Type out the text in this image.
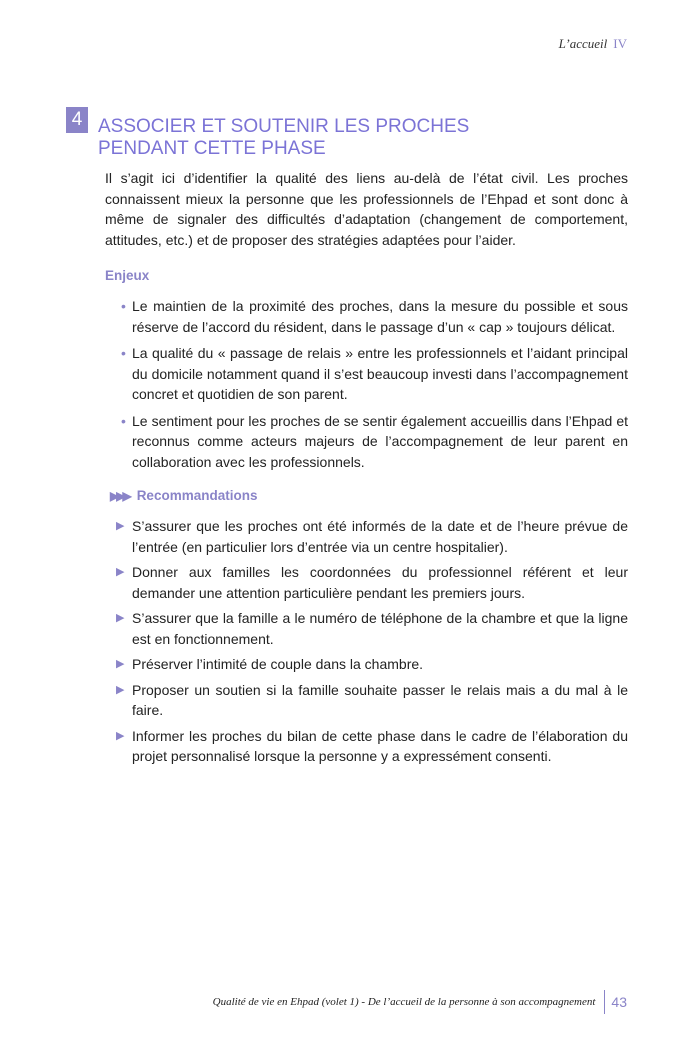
L’accueil IV
4 ASSOCIER ET SOUTENIR LES PROCHES
PENDANT CETTE PHASE

Il s’agit ici d’identifier la qualité des liens au-delà de l’état civil. Les proches connaissent mieux la personne que les professionnels de l’Ehpad et sont donc à même de signaler des difficultés d’adaptation (changement de comportement, attitudes, etc.) et de proposer des stratégies adaptées pour l’aider.

Enjeux
• Le maintien de la proximité des proches, dans la mesure du possible et sous réserve de l’accord du résident, dans le passage d’un « cap » toujours délicat.
• La qualité du « passage de relais » entre les professionnels et l’aidant principal du domicile notamment quand il s’est beaucoup investi dans l’accompagnement concret et quotidien de son parent.
• Le sentiment pour les proches de se sentir également accueillis dans l’Ehpad et reconnus comme acteurs majeurs de l’accompagnement de leur parent en collaboration avec les professionnels.
▶▶▶ Recommandations
▶ S’assurer que les proches ont été informés de la date et de l’heure prévue de l’entrée (en particulier lors d’entrée via un centre hospitalier).
▶ Donner aux familles les coordonnées du professionnel référent et leur demander une attention particulière pendant les premiers jours.
▶ S’assurer que la famille a le numéro de téléphone de la chambre et que la ligne est en fonctionnement.
▶ Préserver l’intimité de couple dans la chambre.
▶ Proposer un soutien si la famille souhaite passer le relais mais a du mal à le faire.
▶ Informer les proches du bilan de cette phase dans le cadre de l’élaboration du projet personnalisé lorsque la personne y a expressément consenti.
Qualité de vie en Ehpad (volet 1) - De l’accueil de la personne à son accompagnement 43
